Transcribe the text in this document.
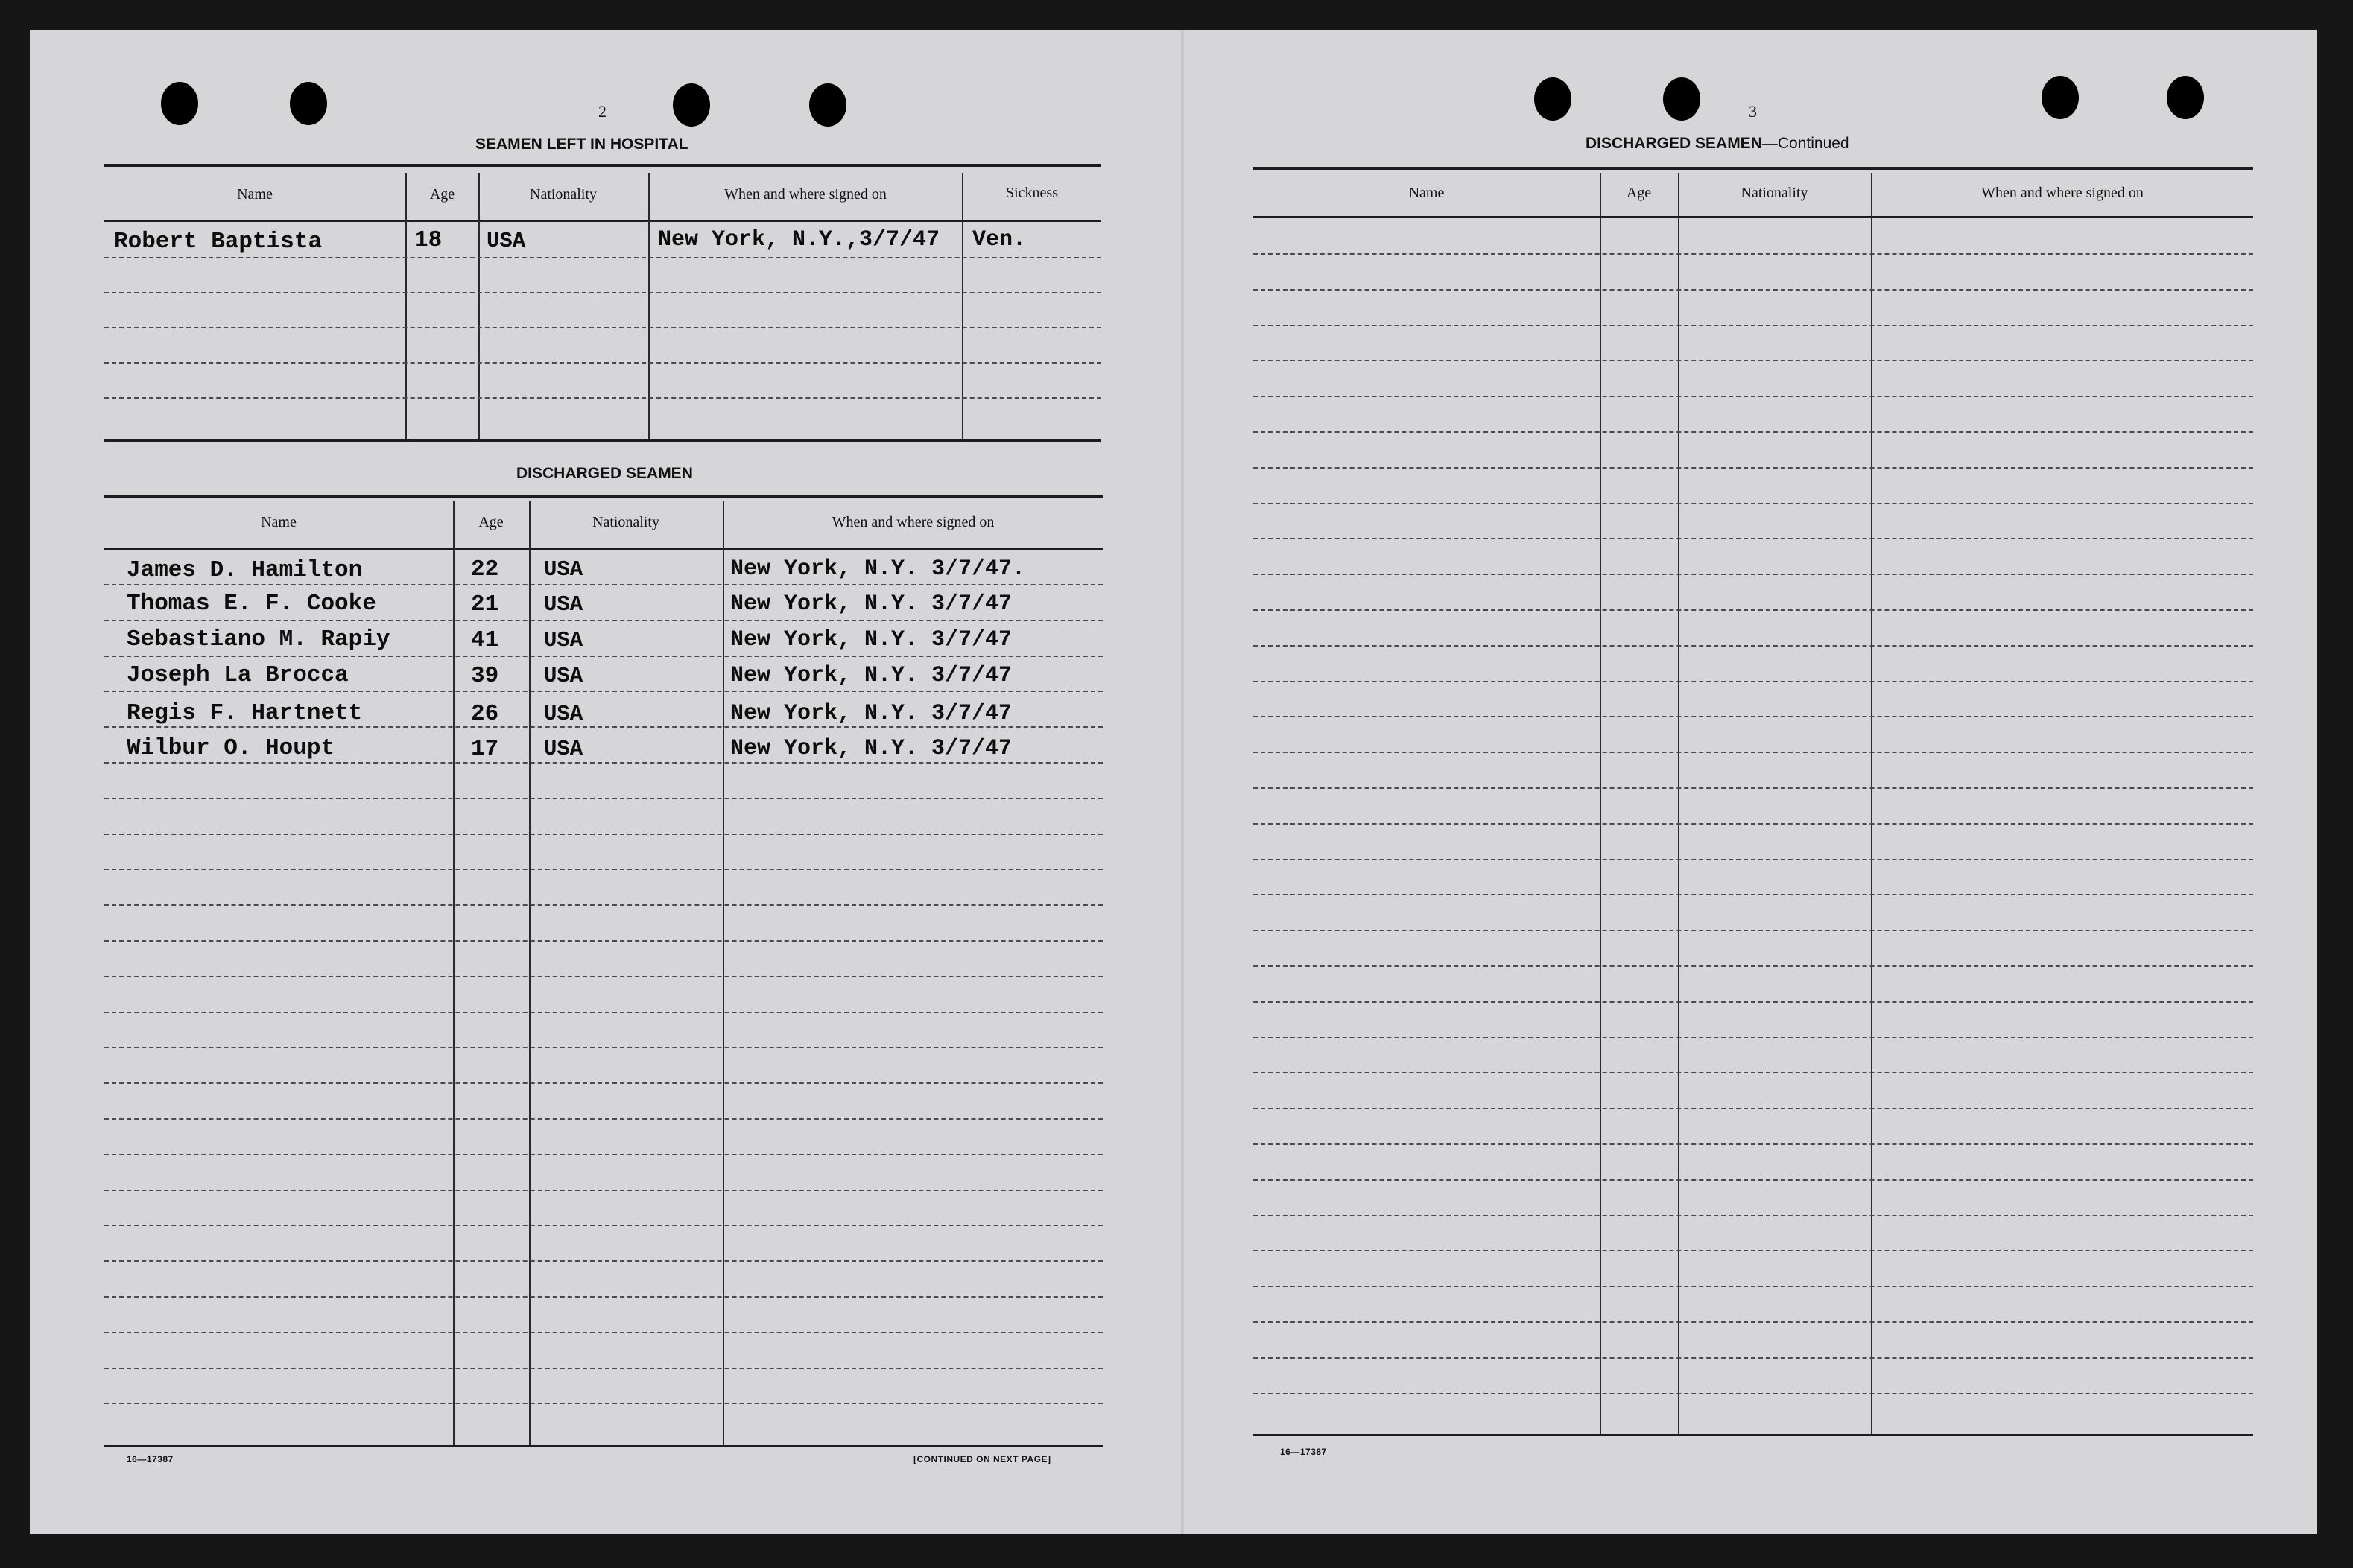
2
SEAMEN LEFT IN HOSPITAL
Name	Age	Nationality	When and where signed on	Sickness
Robert Baptista	18 USA	New York, N.Y.,3/7/47 Ven.
DISCHARGED SEAMEN
Name	Age	Nationality	When and where signed on
James D. Hamilton	22 USA	New York, N.Y. 3/7/47.
Thomas E. F. Cooke	21 USA	New York, N.Y. 3/7/47
Sebastiano M. Rapiy	41 USA	New York, N.Y. 3/7/47
Joseph La Brocca	39 USA	New York, N.Y. 3/7/47
Regis F. Hartnett	26 USA	New York, N.Y. 3/7/47
Wilbur O. Houpt	17 USA	New York, N.Y. 3/7/47
16—17387	[CONTINUED ON NEXT PAGE]
3
DISCHARGED SEAMEN—Continued
Name	Age	Nationality	When and where signed on
16—17387
